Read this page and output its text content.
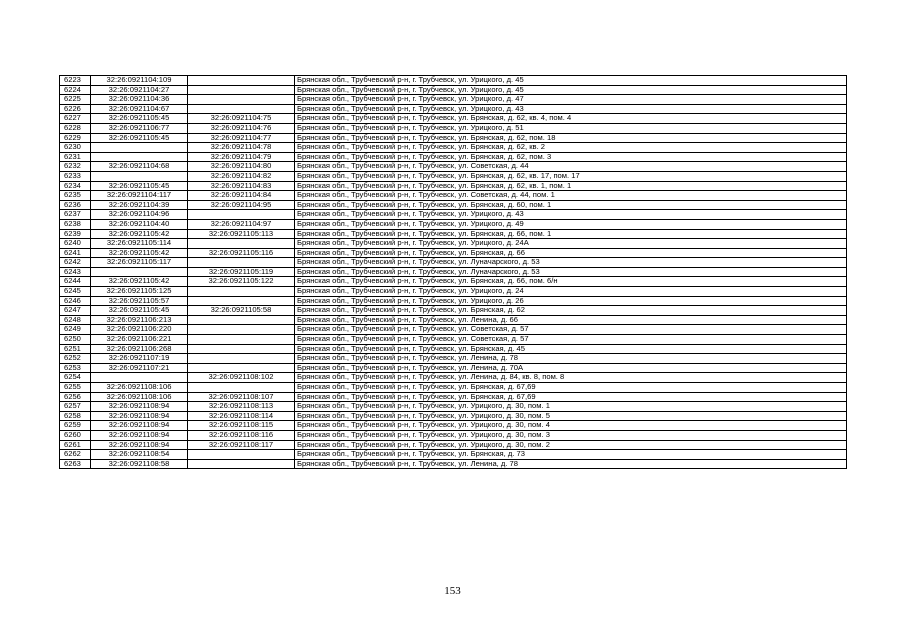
6223	32:26:0921104:109		Брянская обл., Трубчевский р-н, г. Трубчевск, ул. Урицкого, д. 45
6224	32:26:0921104:27		Брянская обл., Трубчевский р-н, г. Трубчевск, ул. Урицкого, д. 45
6225	32:26:0921104:36		Брянская обл., Трубчевский р-н, г. Трубчевск, ул. Урицкого, д. 47
6226	32:26:0921104:67		Брянская обл., Трубчевский р-н, г. Трубчевск, ул. Урицкого, д. 43
6227	32:26:0921105:45	32:26:0921104:75	Брянская обл., Трубчевский р-н, г. Трубчевск, ул. Брянская, д. 62, кв. 4, пом. 4
6228	32:26:0921106:77	32:26:0921104:76	Брянская обл., Трубчевский р-н, г. Трубчевск, ул. Урицкого, д. 51
6229	32:26:0921105:45	32:26:0921104:77	Брянская обл., Трубчевский р-н, г. Трубчевск, ул. Брянская, д. 62, пом. 18
6230		32:26:0921104:78	Брянская обл., Трубчевский р-н, г. Трубчевск, ул. Брянская, д. 62, кв. 2
6231		32:26:0921104:79	Брянская обл., Трубчевский р-н, г. Трубчевск, ул. Брянская, д. 62, пом. 3
6232	32:26:0921104:68	32:26:0921104:80	Брянская обл., Трубчевский р-н, г. Трубчевск, ул. Советская, д. 44
6233		32:26:0921104:82	Брянская обл., Трубчевский р-н, г. Трубчевск, ул. Брянская, д. 62, кв. 17, пом. 17
6234	32:26:0921105:45	32:26:0921104:83	Брянская обл., Трубчевский р-н, г. Трубчевск, ул. Брянская, д. 62, кв. 1, пом. 1
6235	32:26:0921104:117	32:26:0921104:84	Брянская обл., Трубчевский р-н, г. Трубчевск, ул. Советская, д. 44, пом. 1
6236	32:26:0921104:39	32:26:0921104:95	Брянская обл., Трубчевский р-н, г. Трубчевск, ул. Брянская, д. 60, пом. 1
6237	32:26:0921104:96		Брянская обл., Трубчевский р-н, г. Трубчевск, ул. Урицкого, д. 43
6238	32:26:0921104:40	32:26:0921104:97	Брянская обл., Трубчевский р-н, г. Трубчевск, ул. Урицкого, д. 49
6239	32:26:0921105:42	32:26:0921105:113	Брянская обл., Трубчевский р-н, г. Трубчевск, ул. Брянская, д. 66, пом. 1
6240	32:26:0921105:114		Брянская обл., Трубчевский р-н, г. Трубчевск, ул. Урицкого, д. 24А
6241	32:26:0921105:42	32:26:0921105:116	Брянская обл., Трубчевский р-н, г. Трубчевск, ул. Брянская, д. 66
6242	32:26:0921105:117		Брянская обл., Трубчевский р-н, г. Трубчевск, ул. Луначарского, д. 53
6243		32:26:0921105:119	Брянская обл., Трубчевский р-н, г. Трубчевск, ул. Луначарского, д. 53
6244	32:26:0921105:42	32:26:0921105:122	Брянская обл., Трубчевский р-н, г. Трубчевск, ул. Брянская, д. 66, пом. 6/н
6245	32:26:0921105:125		Брянская обл., Трубчевский р-н, г. Трубчевск, ул. Урицкого, д. 24
6246	32:26:0921105:57		Брянская обл., Трубчевский р-н, г. Трубчевск, ул. Урицкого, д. 26
6247	32:26:0921105:45	32:26:0921105:58	Брянская обл., Трубчевский р-н, г. Трубчевск, ул. Брянская, д. 62
6248	32:26:0921106:213		Брянская обл., Трубчевский р-н, г. Трубчевск, ул. Ленина, д. 66
6249	32:26:0921106:220		Брянская обл., Трубчевский р-н, г. Трубчевск, ул. Советская, д. 57
6250	32:26:0921106:221		Брянская обл., Трубчевский р-н, г. Трубчевск, ул. Советская, д. 57
6251	32:26:0921106:268		Брянская обл., Трубчевский р-н, г. Трубчевск, ул. Брянская, д. 45
6252	32:26:0921107:19		Брянская обл., Трубчевский р-н, г. Трубчевск, ул. Ленина, д. 78
6253	32:26:0921107:21		Брянская обл., Трубчевский р-н, г. Трубчевск, ул. Ленина, д. 70А
6254		32:26:0921108:102	Брянская обл., Трубчевский р-н, г. Трубчевск, ул. Ленина, д. 84, кв. 8, пом. 8
6255	32:26:0921108:106		Брянская обл., Трубчевский р-н, г. Трубчевск, ул. Брянская, д. 67,69
6256	32:26:0921108:106	32:26:0921108:107	Брянская обл., Трубчевский р-н, г. Трубчевск, ул. Брянская, д. 67,69
6257	32:26:0921108:94	32:26:0921108:113	Брянская обл., Трубчевский р-н, г. Трубчевск, ул. Урицкого, д. 30, пом. 1
6258	32:26:0921108:94	32:26:0921108:114	Брянская обл., Трубчевский р-н, г. Трубчевск, ул. Урицкого, д. 30, пом. 5
6259	32:26:0921108:94	32:26:0921108:115	Брянская обл., Трубчевский р-н, г. Трубчевск, ул. Урицкого, д. 30, пом. 4
6260	32:26:0921108:94	32:26:0921108:116	Брянская обл., Трубчевский р-н, г. Трубчевск, ул. Урицкого, д. 30, пом. 3
6261	32:26:0921108:94	32:26:0921108:117	Брянская обл., Трубчевский р-н, г. Трубчевск, ул. Урицкого, д. 30, пом. 2
6262	32:26:0921108:54		Брянская обл., Трубчевский р-н, г. Трубчевск, ул. Брянская, д. 73
6263	32:26:0921108:58		Брянская обл., Трубчевский р-н, г. Трубчевск, ул. Ленина, д. 78
153
